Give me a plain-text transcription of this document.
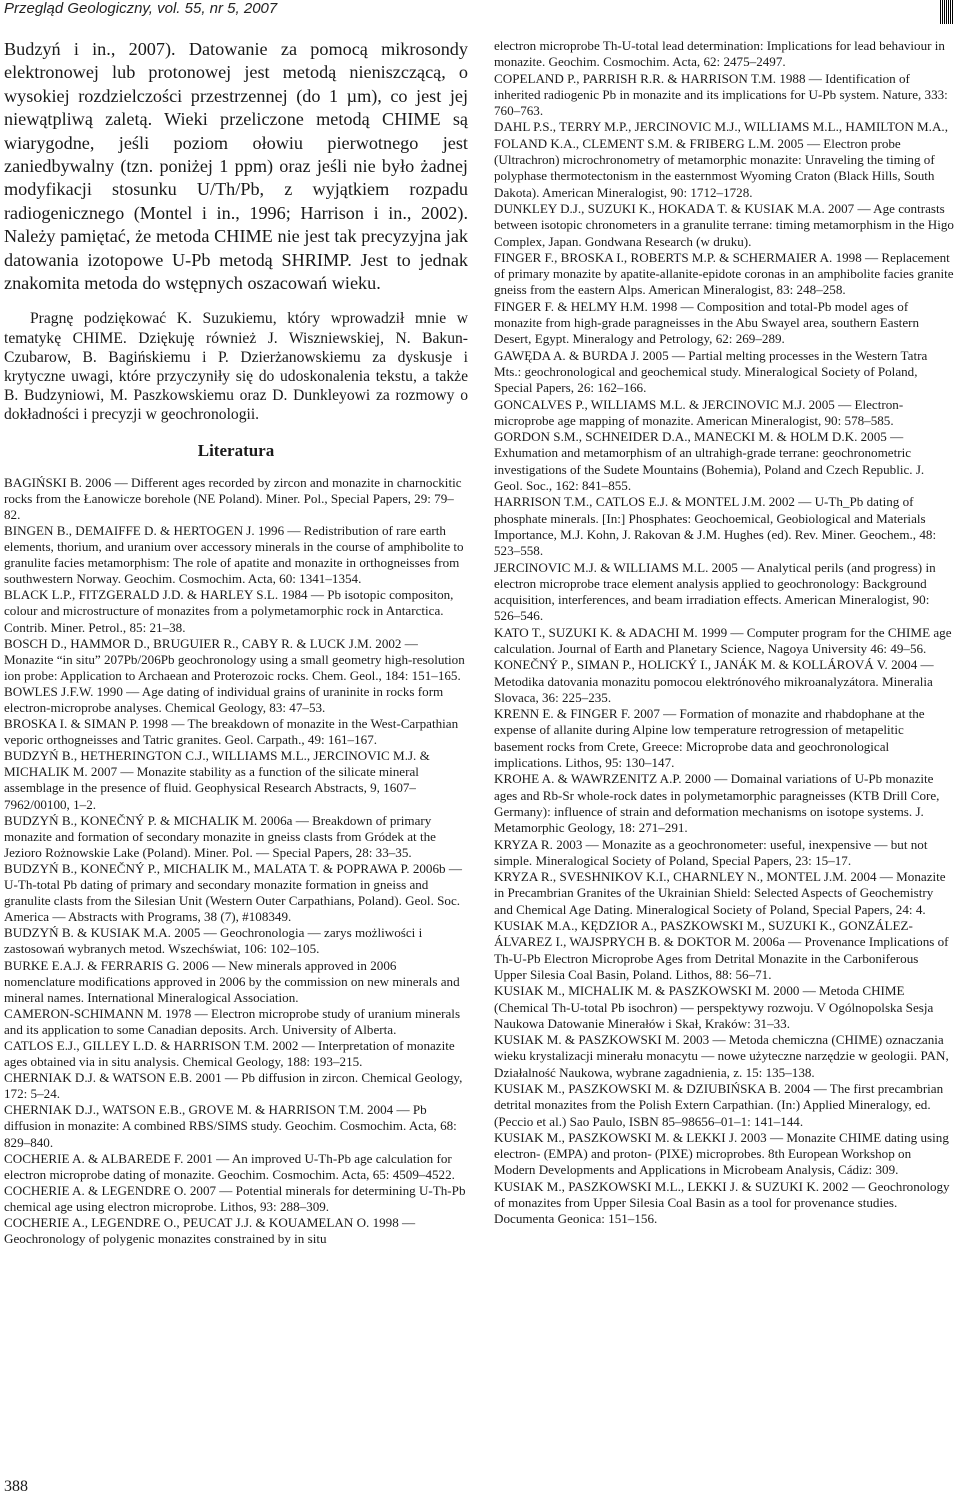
Przegląd Geologiczny, vol. 55, nr 5, 2007

Budzyń i in., 2007). Datowanie za pomocą mikrosondy elektronowej lub protonowej jest metodą nieniszczącą, o wysokiej rozdzielczości przestrzennej (do 1 µm), co jest jej niewątpliwą zaletą. Wieki przeliczone metodą CHIME są wiarygodne, jeśli poziom ołowiu pierwotnego jest zaniedbywalny (tzn. poniżej 1 ppm) oraz jeśli nie było żadnej modyfikacji stosunku U/Th/Pb, z wyjątkiem rozpadu radiogenicznego (Montel i in., 1996; Harrison i in., 2002). Należy pamiętać, że metoda CHIME nie jest tak precyzyjna jak datowania izotopowe U-Pb metodą SHRIMP. Jest to jednak znakomita metoda do wstępnych oszacowań wieku.

Pragnę podziękować K. Suzukiemu, który wprowadził mnie w tematykę CHIME. Dziękuję również J. Wiszniewskiej, N. Bakun-Czubarow, B. Bagińskiemu i P. Dzierżanowskiemu za dyskusje i krytyczne uwagi, które przyczyniły się do udoskonalenia tekstu, a także B. Budzyniowi, M. Paszkowskiemu oraz D. Dunkleyowi za rozmowy o dokładności i precyzji w geochronologii.

Literatura
BAGIŃSKI B. 2006 — Different ages recorded by zircon and monazite in charnockitic rocks from the Łanowicze borehole (NE Poland). Miner. Pol., Special Papers, 29: 79–82.
BINGEN B., DEMAIFFE D. & HERTOGEN J. 1996 — Redistribution of rare earth elements, thorium, and uranium over accessory minerals in the course of amphibolite to granulite facies metamorphism: The role of apatite and monazite in orthogneisses from southwestern Norway. Geochim. Cosmochim. Acta, 60: 1341–1354.
BLACK L.P., FITZGERALD J.D. & HARLEY S.L. 1984 — Pb isotopic compositon, colour and microstructure of monazites from a polymetamorphic rock in Antarctica. Contrib. Miner. Petrol., 85: 21–38.
BOSCH D., HAMMOR D., BRUGUIER R., CABY R. & LUCK J.M. 2002 — Monazite “in situ” 207Pb/206Pb geochronology using a small geometry high-resolution ion probe: Application to Archaean and Proterozoic rocks. Chem. Geol., 184: 151–165.
BOWLES J.F.W. 1990 — Age dating of individual grains of uraninite in rocks form electron-microprobe analyses. Chemical Geology, 83: 47–53.
BROSKA I. & SIMAN P. 1998 — The breakdown of monazite in the West-Carpathian veporic orthogneisses and Tatric granites. Geol. Carpath., 49: 161–167.
BUDZYŃ B., HETHERINGTON C.J., WILLIAMS M.L., JERCINOVIC M.J. & MICHALIK M. 2007 — Monazite stability as a function of the silicate mineral assemblage in the presence of fluid. Geophysical Research Abstracts, 9, 1607–7962/00100, 1–2.
BUDZYŃ B., KONEČNÝ P. & MICHALIK M. 2006a — Breakdown of primary monazite and formation of secondary monazite in gneiss clasts from Gródek at the Jezioro Rożnowskie Lake (Poland). Miner. Pol. — Special Papers, 28: 33–35.
BUDZYŃ B., KONEČNÝ P., MICHALIK M., MALATA T. & POPRAWA P. 2006b — U-Th-total Pb dating of primary and secondary monazite formation in gneiss and granulite clasts from the Silesian Unit (Western Outer Carpathians, Poland). Geol. Soc. America — Abstracts with Programs, 38 (7), #108349.
BUDZYŃ B. & KUSIAK M.A. 2005 — Geochronologia — zarys możliwości i zastosowań wybranych metod. Wszechświat, 106: 102–105.
BURKE E.A.J. & FERRARIS G. 2006 — New minerals approved in 2006 nomenclature modifications approved in 2006 by the commission on new minerals and mineral names. International Mineralogical Association.
CAMERON-SCHIMANN M. 1978 — Electron microprobe study of uranium minerals and its application to some Canadian deposits. Arch. University of Alberta.
CATLOS E.J., GILLEY L.D. & HARRISON T.M. 2002 — Interpretation of monazite ages obtained via in situ analysis. Chemical Geology, 188: 193–215.
CHERNIAK D.J. & WATSON E.B. 2001 — Pb diffusion in zircon. Chemical Geology, 172: 5–24.
CHERNIAK D.J., WATSON E.B., GROVE M. & HARRISON T.M. 2004 — Pb diffusion in monazite: A combined RBS/SIMS study. Geochim. Cosmochim. Acta, 68: 829–840.
COCHERIE A. & ALBAREDE F. 2001 — An improved U-Th-Pb age calculation for electron microprobe dating of monazite. Geochim. Cosmochim. Acta, 65: 4509–4522.
COCHERIE A. & LEGENDRE O. 2007 — Potential minerals for determining U-Th-Pb chemical age using electron microprobe. Lithos, 93: 288–309.
COCHERIE A., LEGENDRE O., PEUCAT J.J. & KOUAMELAN O. 1998 — Geochronology of polygenic monazites constrained by in situ
electron microprobe Th-U-total lead determination: Implications for lead behaviour in monazite. Geochim. Cosmochim. Acta, 62: 2475–2497.
COPELAND P., PARRISH R.R. & HARRISON T.M. 1988 — Identification of inherited radiogenic Pb in monazite and its implications for U-Pb system. Nature, 333: 760–763.
DAHL P.S., TERRY M.P., JERCINOVIC M.J., WILLIAMS M.L., HAMILTON M.A., FOLAND K.A., CLEMENT S.M. & FRIBERG L.M. 2005 — Electron probe (Ultrachron) microchronometry of metamorphic monazite: Unraveling the timing of polyphase thermotectonism in the easternmost Wyoming Craton (Black Hills, South Dakota). American Mineralogist, 90: 1712–1728.
DUNKLEY D.J., SUZUKI K., HOKADA T. & KUSIAK M.A. 2007 — Age contrasts between isotopic chronometers in a granulite terrane: timing metamorphism in the Higo Complex, Japan. Gondwana Research (w druku).
FINGER F., BROSKA I., ROBERTS M.P. & SCHERMAIER A. 1998 — Replacement of primary monazite by apatite-allanite-epidote coronas in an amphibolite facies granite gneiss from the eastern Alps. American Mineralogist, 83: 248–258.
FINGER F. & HELMY H.M. 1998 — Composition and total-Pb model ages of monazite from high-grade paragneisses in the Abu Swayel area, southern Eastern Desert, Egypt. Mineralogy and Petrology, 62: 269–289.
GAWĘDA A. & BURDA J. 2005 — Partial melting processes in the Western Tatra Mts.: geochronological and geochemical study. Mineralogical Society of Poland, Special Papers, 26: 162–166.
GONCALVES P., WILLIAMS M.L. & JERCINOVIC M.J. 2005 — Electron-microprobe age mapping of monazite. American Mineralogist, 90: 578–585.
GORDON S.M., SCHNEIDER D.A., MANECKI M. & HOLM D.K. 2005 — Exhumation and metamorphism of an ultrahigh-grade terrane: geochronometric investigations of the Sudete Mountains (Bohemia), Poland and Czech Republic. J. Geol. Soc., 162: 841–855.
HARRISON T.M., CATLOS E.J. & MONTEL J.M. 2002 — U-Th_Pb dating of phosphate minerals. [In:] Phosphates: Geochoemical, Geobiological and Materials Importance, M.J. Kohn, J. Rakovan & J.M. Hughes (ed). Rev. Miner. Geochem., 48: 523–558.
JERCINOVIC M.J. & WILLIAMS M.L. 2005 — Analytical perils (and progress) in electron microprobe trace element analysis applied to geochronology: Background acquisition, interferences, and beam irradiation effects. American Mineralogist, 90: 526–546.
KATO T., SUZUKI K. & ADACHI M. 1999 — Computer program for the CHIME age calculation. Journal of Earth and Planetary Science, Nagoya University 46: 49–56.
KONEČNÝ P., SIMAN P., HOLICKÝ I., JANÁK M. & KOLLÁROVÁ V. 2004 — Metodika datovania monazitu pomocou elektrónového mikroanalyzátora. Mineralia Slovaca, 36: 225–235.
KRENN E. & FINGER F. 2007 — Formation of monazite and rhabdophane at the expense of allanite during Alpine low temperature retrogression of metapelitic basement rocks from Crete, Greece: Microprobe data and geochronological implications. Lithos, 95: 130–147.
KROHE A. & WAWRZENITZ A.P. 2000 — Domainal variations of U-Pb monazite ages and Rb-Sr whole-rock dates in polymetamorphic paragneisses (KTB Drill Core, Germany): influence of strain and deformation mechanisms on isotope systems. J. Metamorphic Geology, 18: 271–291.
KRYZA R. 2003 — Monazite as a geochronometer: useful, inexpensive — but not simple. Mineralogical Society of Poland, Special Papers, 23: 15–17.
KRYZA R., SVESHNIKOV K.I., CHARNLEY N., MONTEL J.M. 2004 — Monazite in Precambrian Granites of the Ukrainian Shield: Selected Aspects of Geochemistry and Chemical Age Dating. Mineralogical Society of Poland, Special Papers, 24: 4.
KUSIAK M.A., KĘDZIOR A., PASZKOWSKI M., SUZUKI K., GONZÁLEZ-ÁLVAREZ I., WAJSPRYCH B. & DOKTOR M. 2006a — Provenance Implications of Th-U-Pb Electron Microprobe Ages from Detrital Monazite in the Carboniferous Upper Silesia Coal Basin, Poland. Lithos, 88: 56–71.
KUSIAK M., MICHALIK M. & PASZKOWSKI M. 2000 — Metoda CHIME (Chemical Th-U-total Pb isochron) — perspektywy rozwoju. V Ogólnopolska Sesja Naukowa Datowanie Minerałów i Skał, Kraków: 31–33.
KUSIAK M. & PASZKOWSKI M. 2003 — Metoda chemiczna (CHIME) oznaczania wieku krystalizacji minerału monacytu — nowe użyteczne narzędzie w geologii. PAN, Działalność Naukowa, wybrane zagadnienia, z. 15: 135–138.
KUSIAK M., PASZKOWSKI M. & DZIUBIŃSKA B. 2004 — The first precambrian detrital monazites from the Polish Extern Carpathian. (In:) Applied Mineralogy, ed. (Peccio et al.) Sao Paulo, ISBN 85–98656–01–1: 141–144.
KUSIAK M., PASZKOWSKI M. & LEKKI J. 2003 — Monazite CHIME dating using electron- (EMPA) and proton- (PIXE) microprobes. 8th European Workshop on Modern Developments and Applications in Microbeam Analysis, Cádiz: 309.
KUSIAK M., PASZKOWSKI M.L., LEKKI J. & SUZUKI K. 2002 — Geochronology of monazites from Upper Silesia Coal Basin as a tool for provenance studies. Documenta Geonica: 151–156.
388
